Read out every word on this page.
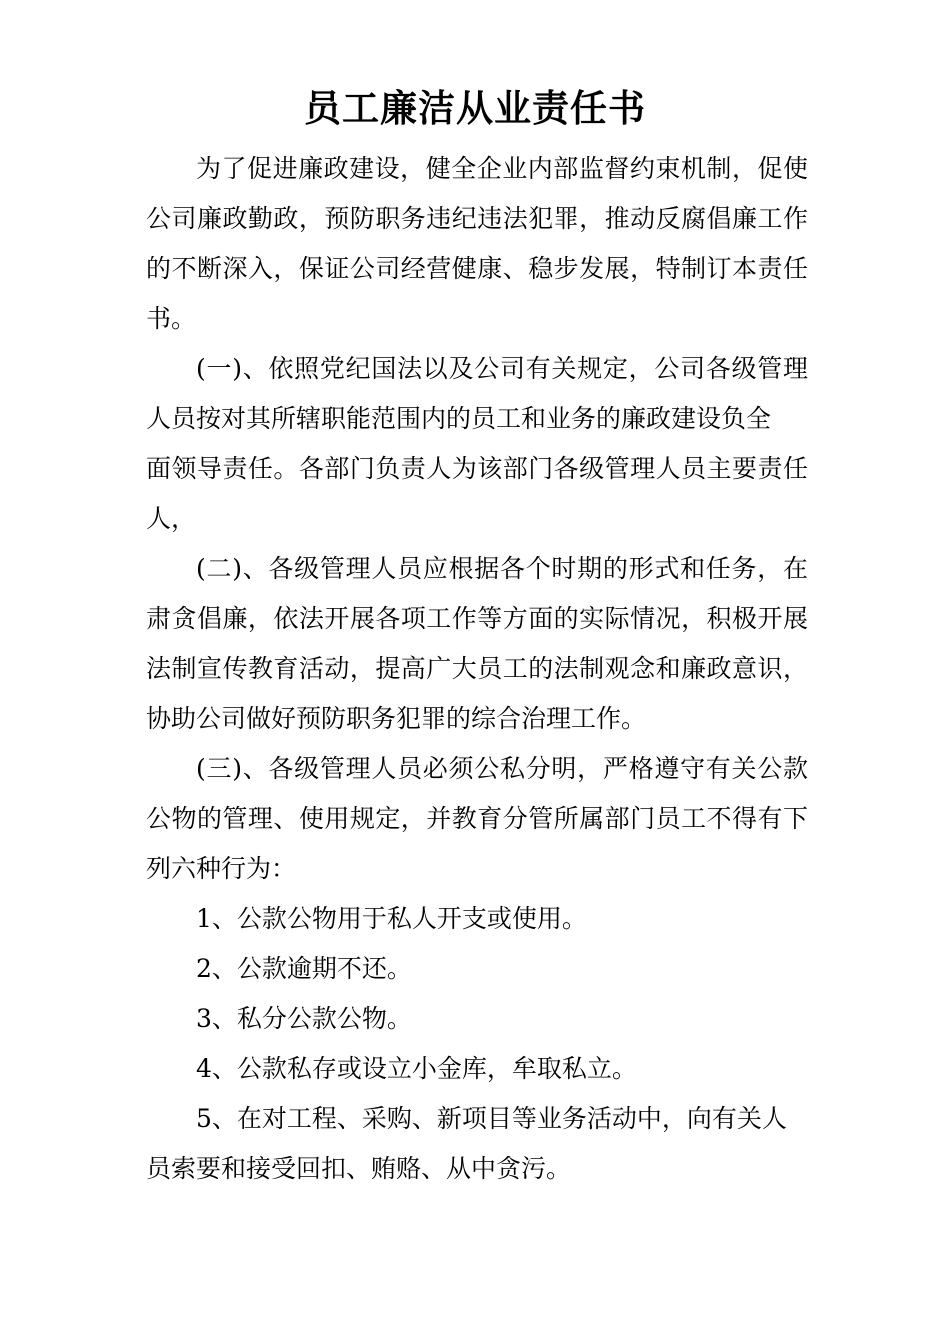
员工廉洁从业责任书
为了促进廉政建设，健全企业内部监督约束机制，促使
公司廉政勤政，预防职务违纪违法犯罪，推动反腐倡廉工作
的不断深入，保证公司经营健康、稳步发展，特制订本责任
书。
(一)、依照党纪国法以及公司有关规定，公司各级管理
人员按对其所辖职能范围内的员工和业务的廉政建设负全
面领导责任。各部门负责人为该部门各级管理人员主要责任
人，
(二)、各级管理人员应根据各个时期的形式和任务，在
肃贪倡廉，依法开展各项工作等方面的实际情况，积极开展
法制宣传教育活动，提高广大员工的法制观念和廉政意识，
协助公司做好预防职务犯罪的综合治理工作。
(三)、各级管理人员必须公私分明，严格遵守有关公款
公物的管理、使用规定，并教育分管所属部门员工不得有下
列六种行为：
1、公款公物用于私人开支或使用。
2、公款逾期不还。
3、私分公款公物。
4、公款私存或设立小金库，牟取私立。
5、在对工程、采购、新项目等业务活动中，向有关人
员索要和接受回扣、贿赂、从中贪污。
